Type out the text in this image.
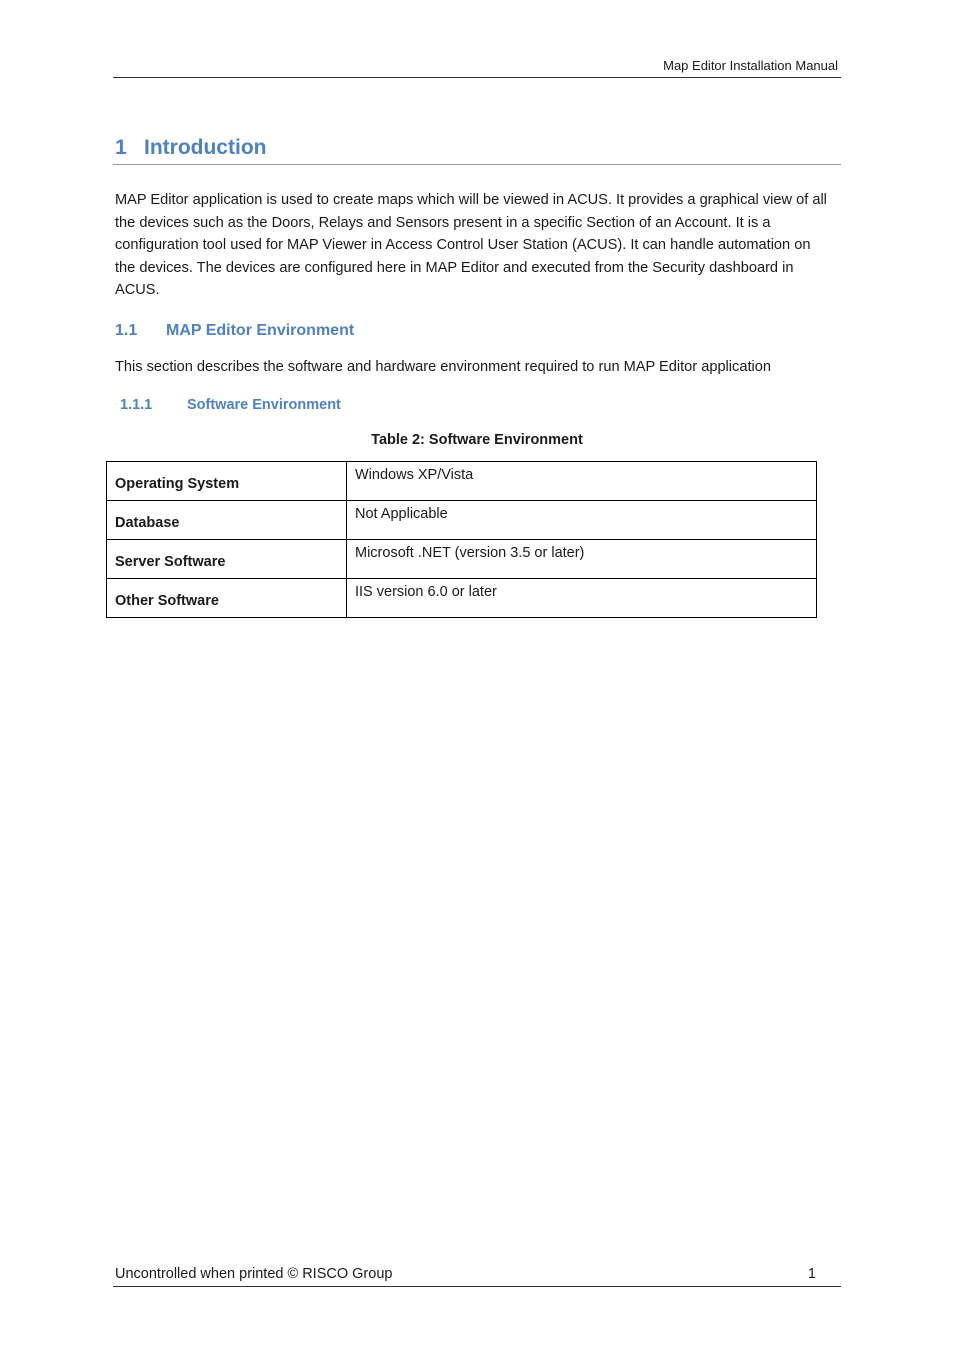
Map Editor Installation Manual
1 Introduction

MAP Editor application is used to create maps which will be viewed in ACUS. It provides a graphical view of all the devices such as the Doors, Relays and Sensors present in a specific Section of an Account. It is a configuration tool used for MAP Viewer in Access Control User Station (ACUS). It can handle automation on the devices. The devices are configured here in MAP Editor and executed from the Security dashboard in ACUS.

1.1 MAP Editor Environment

This section describes the software and hardware environment required to run MAP Editor application

1.1.1 Software Environment
Table 2: Software Environment
Operating System	Windows XP/Vista
Database	Not Applicable
Server Software	Microsoft .NET (version 3.5 or later)
Other Software	IIS version 6.0 or later
Uncontrolled when printed © RISCO Group	1
